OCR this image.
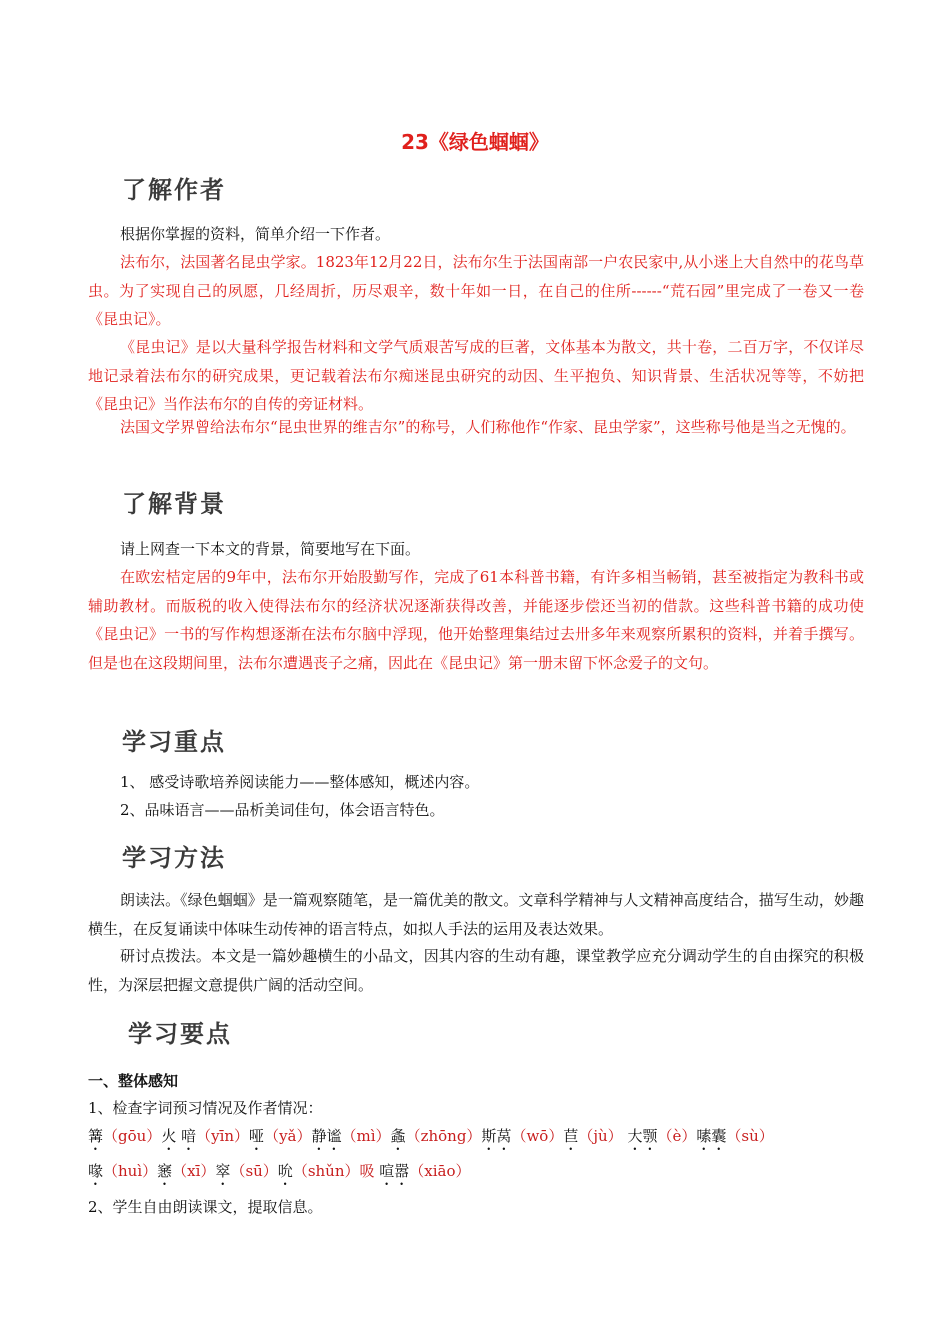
23《绿色蝈蝈》
了解作者

根据你掌握的资料，简单介绍一下作者。

法布尔，法国著名昆虫学家。1823年12月22日，法布尔生于法国南部一户农民家中,从小迷上大自然中的花鸟草虫。为了实现自己的夙愿，几经周折，历尽艰辛，数十年如一日，在自己的住所------“荒石园”里完成了一卷又一卷《昆虫记》。

《昆虫记》是以大量科学报告材料和文学气质艰苦写成的巨著，文体基本为散文，共十卷，二百万字，不仅详尽地记录着法布尔的研究成果，更记载着法布尔痴迷昆虫研究的动因、生平抱负、知识背景、生活状况等等，不妨把《昆虫记》当作法布尔的自传的旁证材料。

法国文学界曾给法布尔“昆虫世界的维吉尔”的称号，人们称他作“作家、昆虫学家”，这些称号他是当之无愧的。

了解背景

请上网查一下本文的背景，简要地写在下面。

在欧宏桔定居的9年中，法布尔开始股勤写作，完成了61本科普书籍，有许多相当畅销，甚至被指定为教科书或辅助教材。而版税的收入使得法布尔的经济状况逐渐获得改善，并能逐步偿还当初的借款。这些科普书籍的成功使《昆虫记》一书的写作构想逐渐在法布尔脑中浮现，他开始整理集结过去卅多年来观察所累积的资料，并着手撰写。但是也在这段期间里，法布尔遭遇丧子之痛，因此在《昆虫记》第一册末留下怀念爱子的文句。

学习重点

1、 感受诗歌培养阅读能力——整体感知，概述内容。

2、品味语言——品析美词佳句，体会语言特色。

学习方法

朗读法。《绿色蝈蝈》是一篇观察随笔，是一篇优美的散文。文章科学精神与人文精神高度结合，描写生动，妙趣横生，在反复诵读中体味生动传神的语言特点，如拟人手法的运用及表达效果。

研讨点拨法。本文是一篇妙趣横生的小品文，因其内容的生动有趣，课堂教学应充分调动学生的自由探究的积极性，为深层把握文意提供广阔的活动空间。

学习要点
一、整体感知
1、检查字词预习情况及作者情况：
篝（gōu）火 喑（yīn）哑（yǎ）静谧（mì）螽（zhōng）斯莴（wō）苣（jù） 大颚（è）嗉囊（sù）
喙（huì）窸（xī）窣（sū）吮（shǔn）吸 喧嚣（xiāo）
2、学生自由朗读课文，提取信息。
